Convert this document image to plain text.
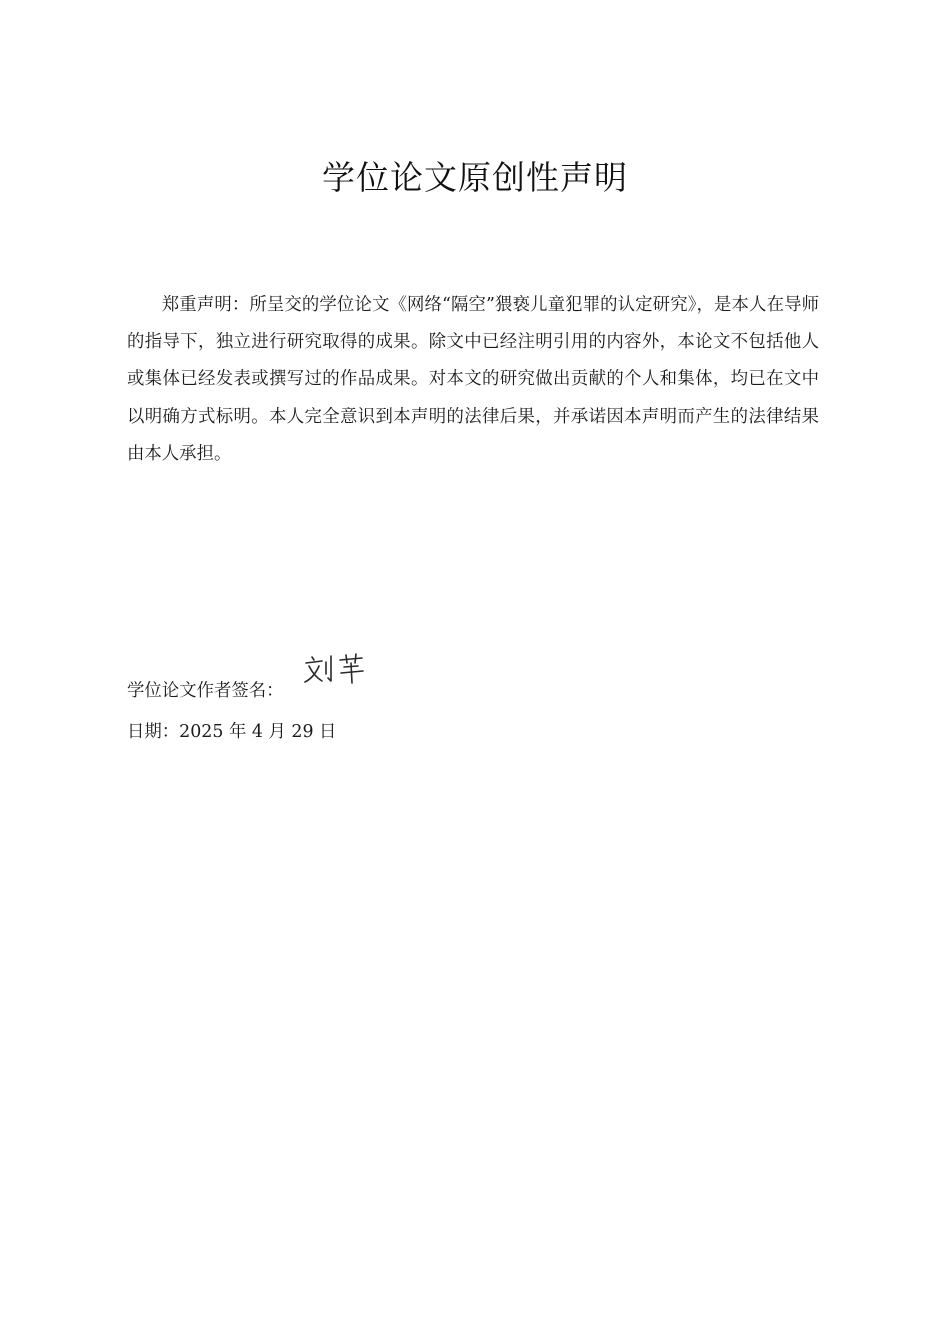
学位论文原创性声明

郑重声明：所呈交的学位论文《网络“隔空”猥亵儿童犯罪的认定研究》，是本人在导师的指导下，独立进行研究取得的成果。除文中已经注明引用的内容外，本论文不包括他人或集体已经发表或撰写过的作品成果。对本文的研究做出贡献的个人和集体，均已在文中以明确方式标明。本人完全意识到本声明的法律后果，并承诺因本声明而产生的法律结果由本人承担。

学位论文作者签名：
日期：2025 年 4 月 29 日
